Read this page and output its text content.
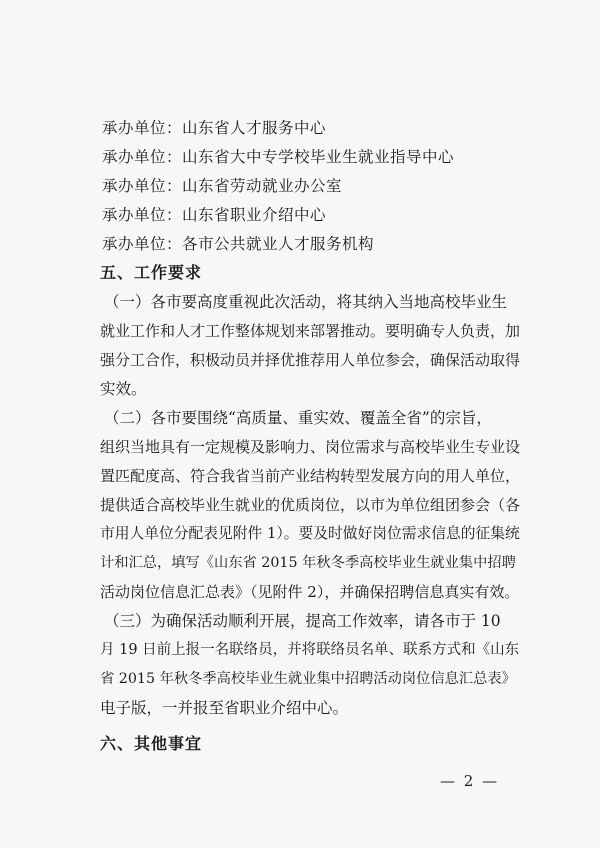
承办单位：山东省人才服务中心
承办单位：山东省大中专学校毕业生就业指导中心
承办单位：山东省劳动就业办公室
承办单位：山东省职业介绍中心
承办单位：各市公共就业人才服务机构
五、工作要求
（一）各市要高度重视此次活动，将其纳入当地高校毕业生
就业工作和人才工作整体规划来部署推动。要明确专人负责，加
强分工合作，积极动员并择优推荐用人单位参会，确保活动取得
实效。
（二）各市要围绕“高质量、重实效、覆盖全省”的宗旨，
组织当地具有一定规模及影响力、岗位需求与高校毕业生专业设
置匹配度高、符合我省当前产业结构转型发展方向的用人单位，
提供适合高校毕业生就业的优质岗位，以市为单位组团参会（各
市用人单位分配表见附件 1）。要及时做好岗位需求信息的征集统
计和汇总，填写《山东省 2015 年秋冬季高校毕业生就业集中招聘
活动岗位信息汇总表》（见附件 2），并确保招聘信息真实有效。
（三）为确保活动顺利开展，提高工作效率，请各市于 10
月 19 日前上报一名联络员，并将联络员名单、联系方式和《山东
省 2015 年秋冬季高校毕业生就业集中招聘活动岗位信息汇总表》
电子版，一并报至省职业介绍中心。
六、其他事宜
— 2 —
